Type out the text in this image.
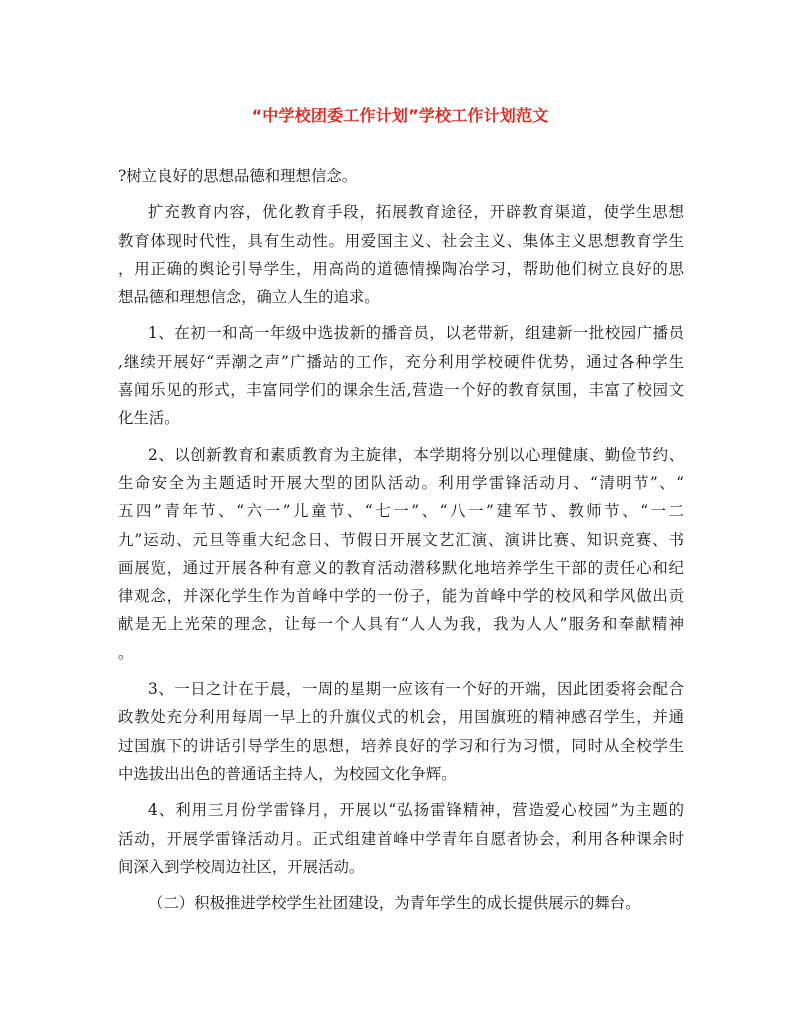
“中学校团委工作计划”学校工作计划范文
?树立良好的思想品德和理想信念。
扩充教育内容，优化教育手段，拓展教育途径，开辟教育渠道，使学生思想
教育体现时代性，具有生动性。用爱国主义、社会主义、集体主义思想教育学生
，用正确的舆论引导学生，用高尚的道德情操陶冶学习，帮助他们树立良好的思
想品德和理想信念，确立人生的追求。
1、在初一和高一年级中选拔新的播音员，以老带新，组建新一批校园广播员
,继续开展好“弄潮之声”广播站的工作，充分利用学校硬件优势，通过各种学生
喜闻乐见的形式，丰富同学们的课余生活,营造一个好的教育氛围，丰富了校园文
化生活。
2、以创新教育和素质教育为主旋律，本学期将分别以心理健康、勤俭节约、
生命安全为主题适时开展大型的团队活动。利用学雷锋活动月、“清明节”、“
五四”青年节、“六一”儿童节、“七一”、“八一”建军节、教师节、“一二
九”运动、元旦等重大纪念日、节假日开展文艺汇演、演讲比赛、知识竞赛、书
画展览，通过开展各种有意义的教育活动潜移默化地培养学生干部的责任心和纪
律观念，并深化学生作为首峰中学的一份子，能为首峰中学的校风和学风做出贡
献是无上光荣的理念，让每一个人具有“人人为我，我为人人”服务和奉献精神
。
3、一日之计在于晨，一周的星期一应该有一个好的开端，因此团委将会配合
政教处充分利用每周一早上的升旗仪式的机会，用国旗班的精神感召学生，并通
过国旗下的讲话引导学生的思想，培养良好的学习和行为习惯，同时从全校学生
中选拔出出色的普通话主持人，为校园文化争辉。
4、利用三月份学雷锋月，开展以“弘扬雷锋精神，营造爱心校园”为主题的
活动，开展学雷锋活动月。正式组建首峰中学青年自愿者协会，利用各种课余时
间深入到学校周边社区，开展活动。
（二）积极推进学校学生社团建设，为青年学生的成长提供展示的舞台。
